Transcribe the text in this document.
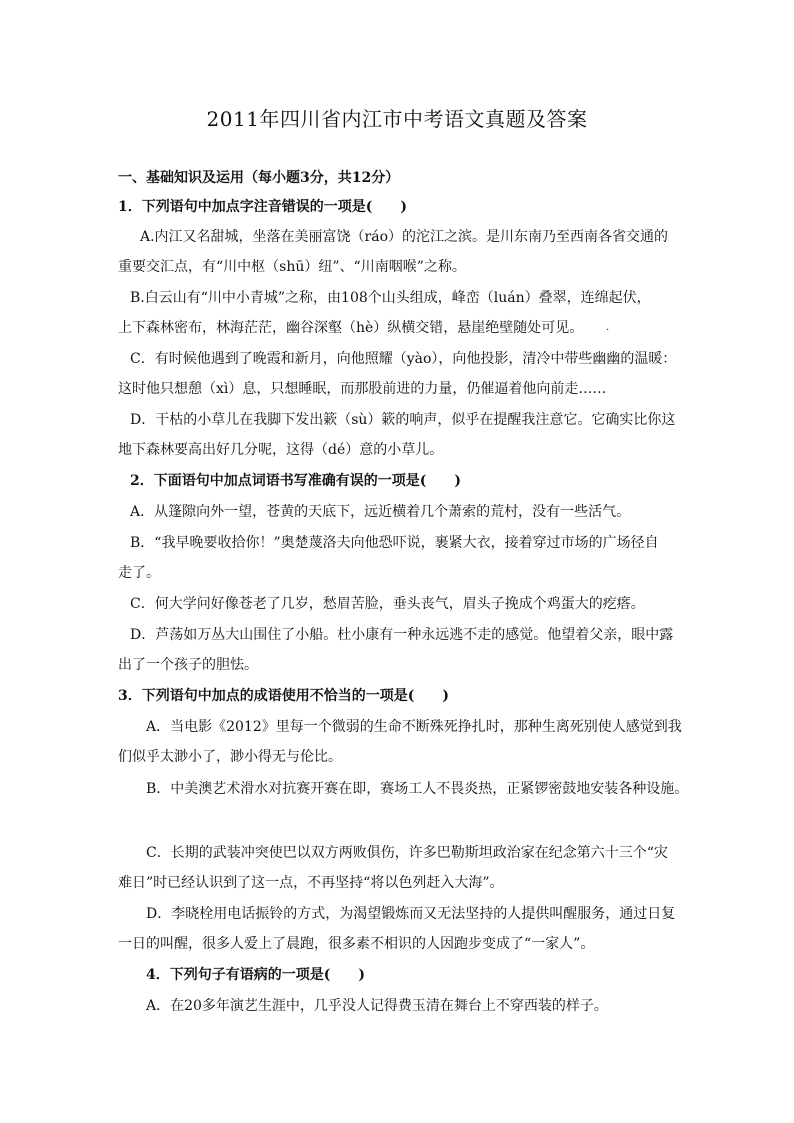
2011年四川省内江市中考语文真题及答案
一、基础知识及运用（每小题3分，共12分）
1．下列语句中加点字注音错误的一项是(　　)
A.内江又名甜城，坐落在美丽富饶（ráo）的沱江之滨。是川东南乃至西南各省交通的
重要交汇点，有“川中枢（shū）纽”、“川南咽喉”之称。
B.白云山有“川中小青城”之称，由108个山头组成，峰峦（luán）叠翠，连绵起伏，
上下森林密布，林海茫茫，幽谷深壑（hè）纵横交错，悬崖绝壁随处可见。 .
C．有时候他遇到了晚霞和新月，向他照耀（yào），向他投影，清冷中带些幽幽的温暖：
这时他只想憩（xì）息，只想睡眠，而那股前进的力量，仍催逼着他向前走……
D．干枯的小草儿在我脚下发出簌（sù）簌的响声，似乎在提醒我注意它。它确实比你这
地下森林要高出好几分呢，这得（dé）意的小草儿。
2．下面语句中加点词语书写准确有误的一项是(　　)
A．从篷隙向外一望，苍黄的天底下，远近横着几个萧索的荒村，没有一些活气。
B．“我早晚要收拾你！”奥楚蔑洛夫向他恐吓说，裹紧大衣，接着穿过市场的广场径自
走了。
C．何大学问好像苍老了几岁，愁眉苦脸，垂头丧气，眉头子挽成个鸡蛋大的疙瘩。
D．芦荡如万丛大山围住了小船。杜小康有一种永远逃不走的感觉。他望着父亲，眼中露
出了一个孩子的胆怯。
3．下列语句中加点的成语使用不恰当的一项是(　　)
A．当电影《2012》里每一个微弱的生命不断殊死挣扎时，那种生离死别使人感觉到我
们似乎太渺小了，渺小得无与伦比。
B．中美澳艺术滑水对抗赛开赛在即，赛场工人不畏炎热，正紧锣密鼓地安装各种设施。
C．长期的武装冲突使巴以双方两败俱伤，许多巴勒斯坦政治家在纪念第六十三个“灾
难日”时已经认识到了这一点，不再坚持“将以色列赶入大海”。
D．李晓栓用电话振铃的方式，为渴望锻炼而又无法坚持的人提供叫醒服务，通过日复
一日的叫醒，很多人爱上了晨跑，很多素不相识的人因跑步变成了“一家人”。
4．下列句子有语病的一项是(　　)
A．在20多年演艺生涯中，几乎没人记得费玉清在舞台上不穿西装的样子。
